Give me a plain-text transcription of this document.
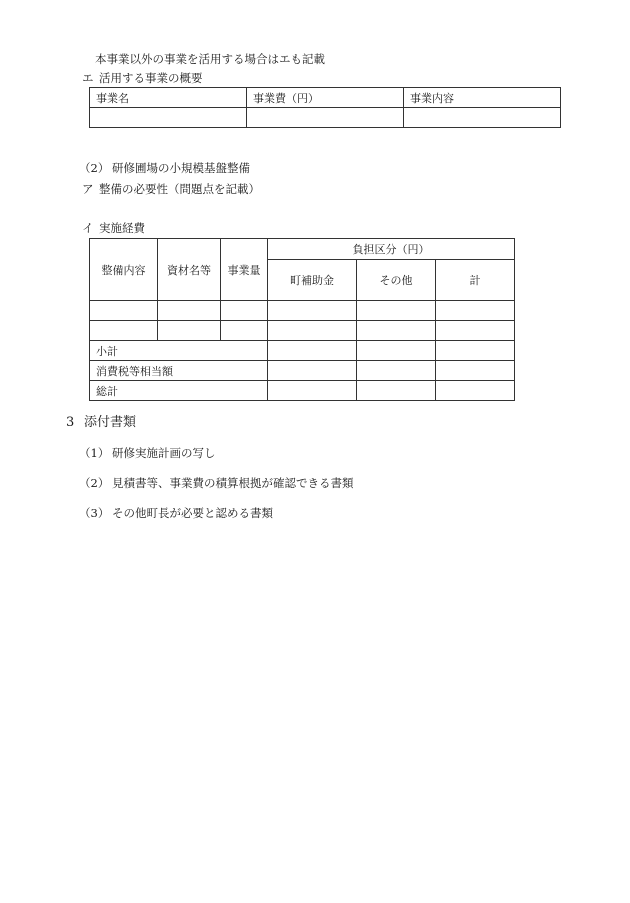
本事業以外の事業を活用する場合はエも記載
エ 活用する事業の概要
事業名	事業費（円）	事業内容

（2） 研修圃場の小規模基盤整備
ア 整備の必要性（問題点を記載）
イ 実施経費
整備内容	資材名等	事業量	負担区分（円）		
			町補助金	その他	計

小計					
消費税等相当額					
総計					
3 添付書類
（1） 研修実施計画の写し
（2） 見積書等、事業費の積算根拠が確認できる書類
（3） その他町長が必要と認める書類
